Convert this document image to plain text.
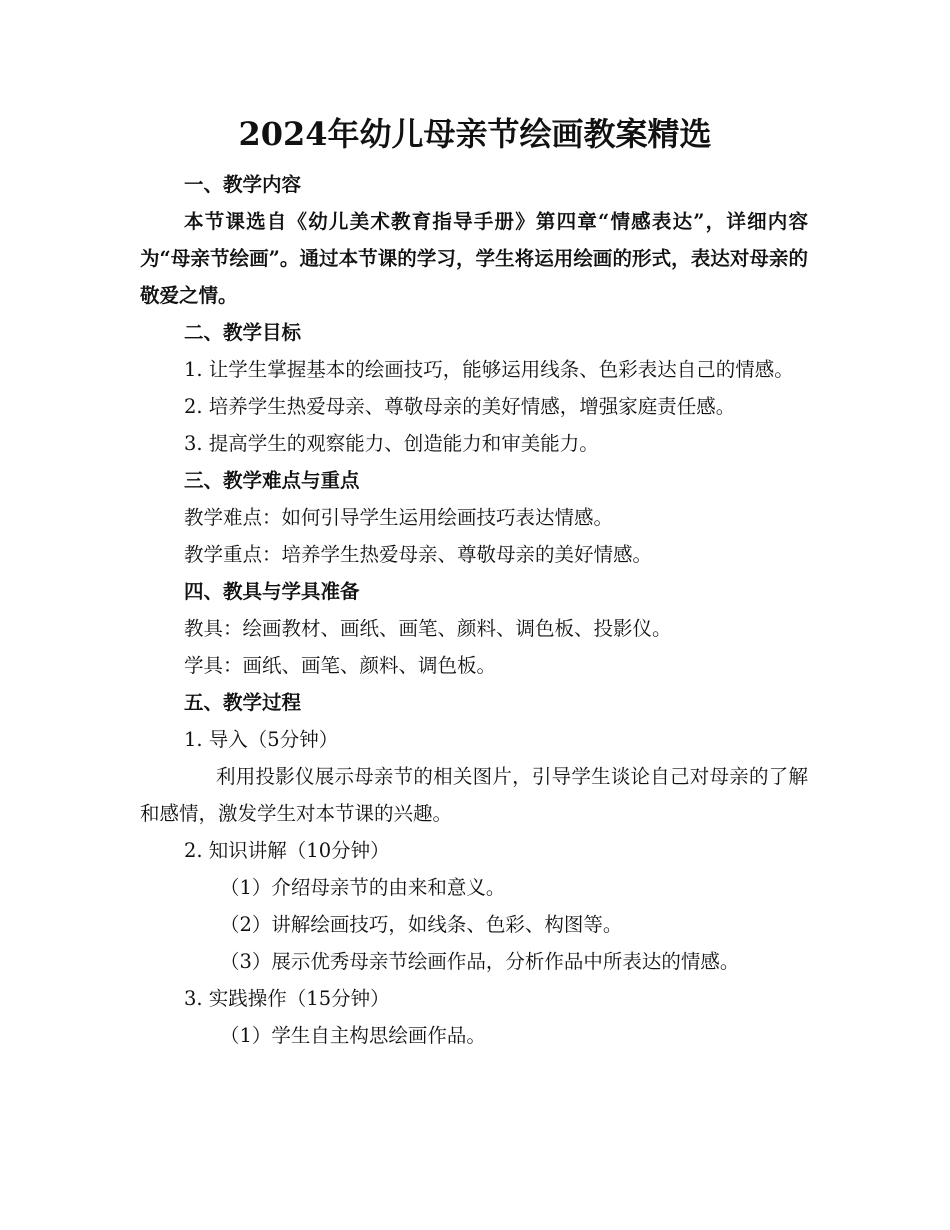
2024年幼儿母亲节绘画教案精选

一、教学内容

本节课选自《幼儿美术教育指导手册》第四章“情感表达”，详细内容为“母亲节绘画”。通过本节课的学习，学生将运用绘画的形式，表达对母亲的敬爱之情。

二、教学目标

1. 让学生掌握基本的绘画技巧，能够运用线条、色彩表达自己的情感。

2. 培养学生热爱母亲、尊敬母亲的美好情感，增强家庭责任感。

3. 提高学生的观察能力、创造能力和审美能力。

三、教学难点与重点

教学难点：如何引导学生运用绘画技巧表达情感。

教学重点：培养学生热爱母亲、尊敬母亲的美好情感。

四、教具与学具准备

教具：绘画教材、画纸、画笔、颜料、调色板、投影仪。

学具：画纸、画笔、颜料、调色板。

五、教学过程

1. 导入（5分钟）

利用投影仪展示母亲节的相关图片，引导学生谈论自己对母亲的了解和感情，激发学生对本节课的兴趣。

2. 知识讲解（10分钟）

（1）介绍母亲节的由来和意义。

（2）讲解绘画技巧，如线条、色彩、构图等。

（3）展示优秀母亲节绘画作品，分析作品中所表达的情感。

3. 实践操作（15分钟）

（1）学生自主构思绘画作品。
